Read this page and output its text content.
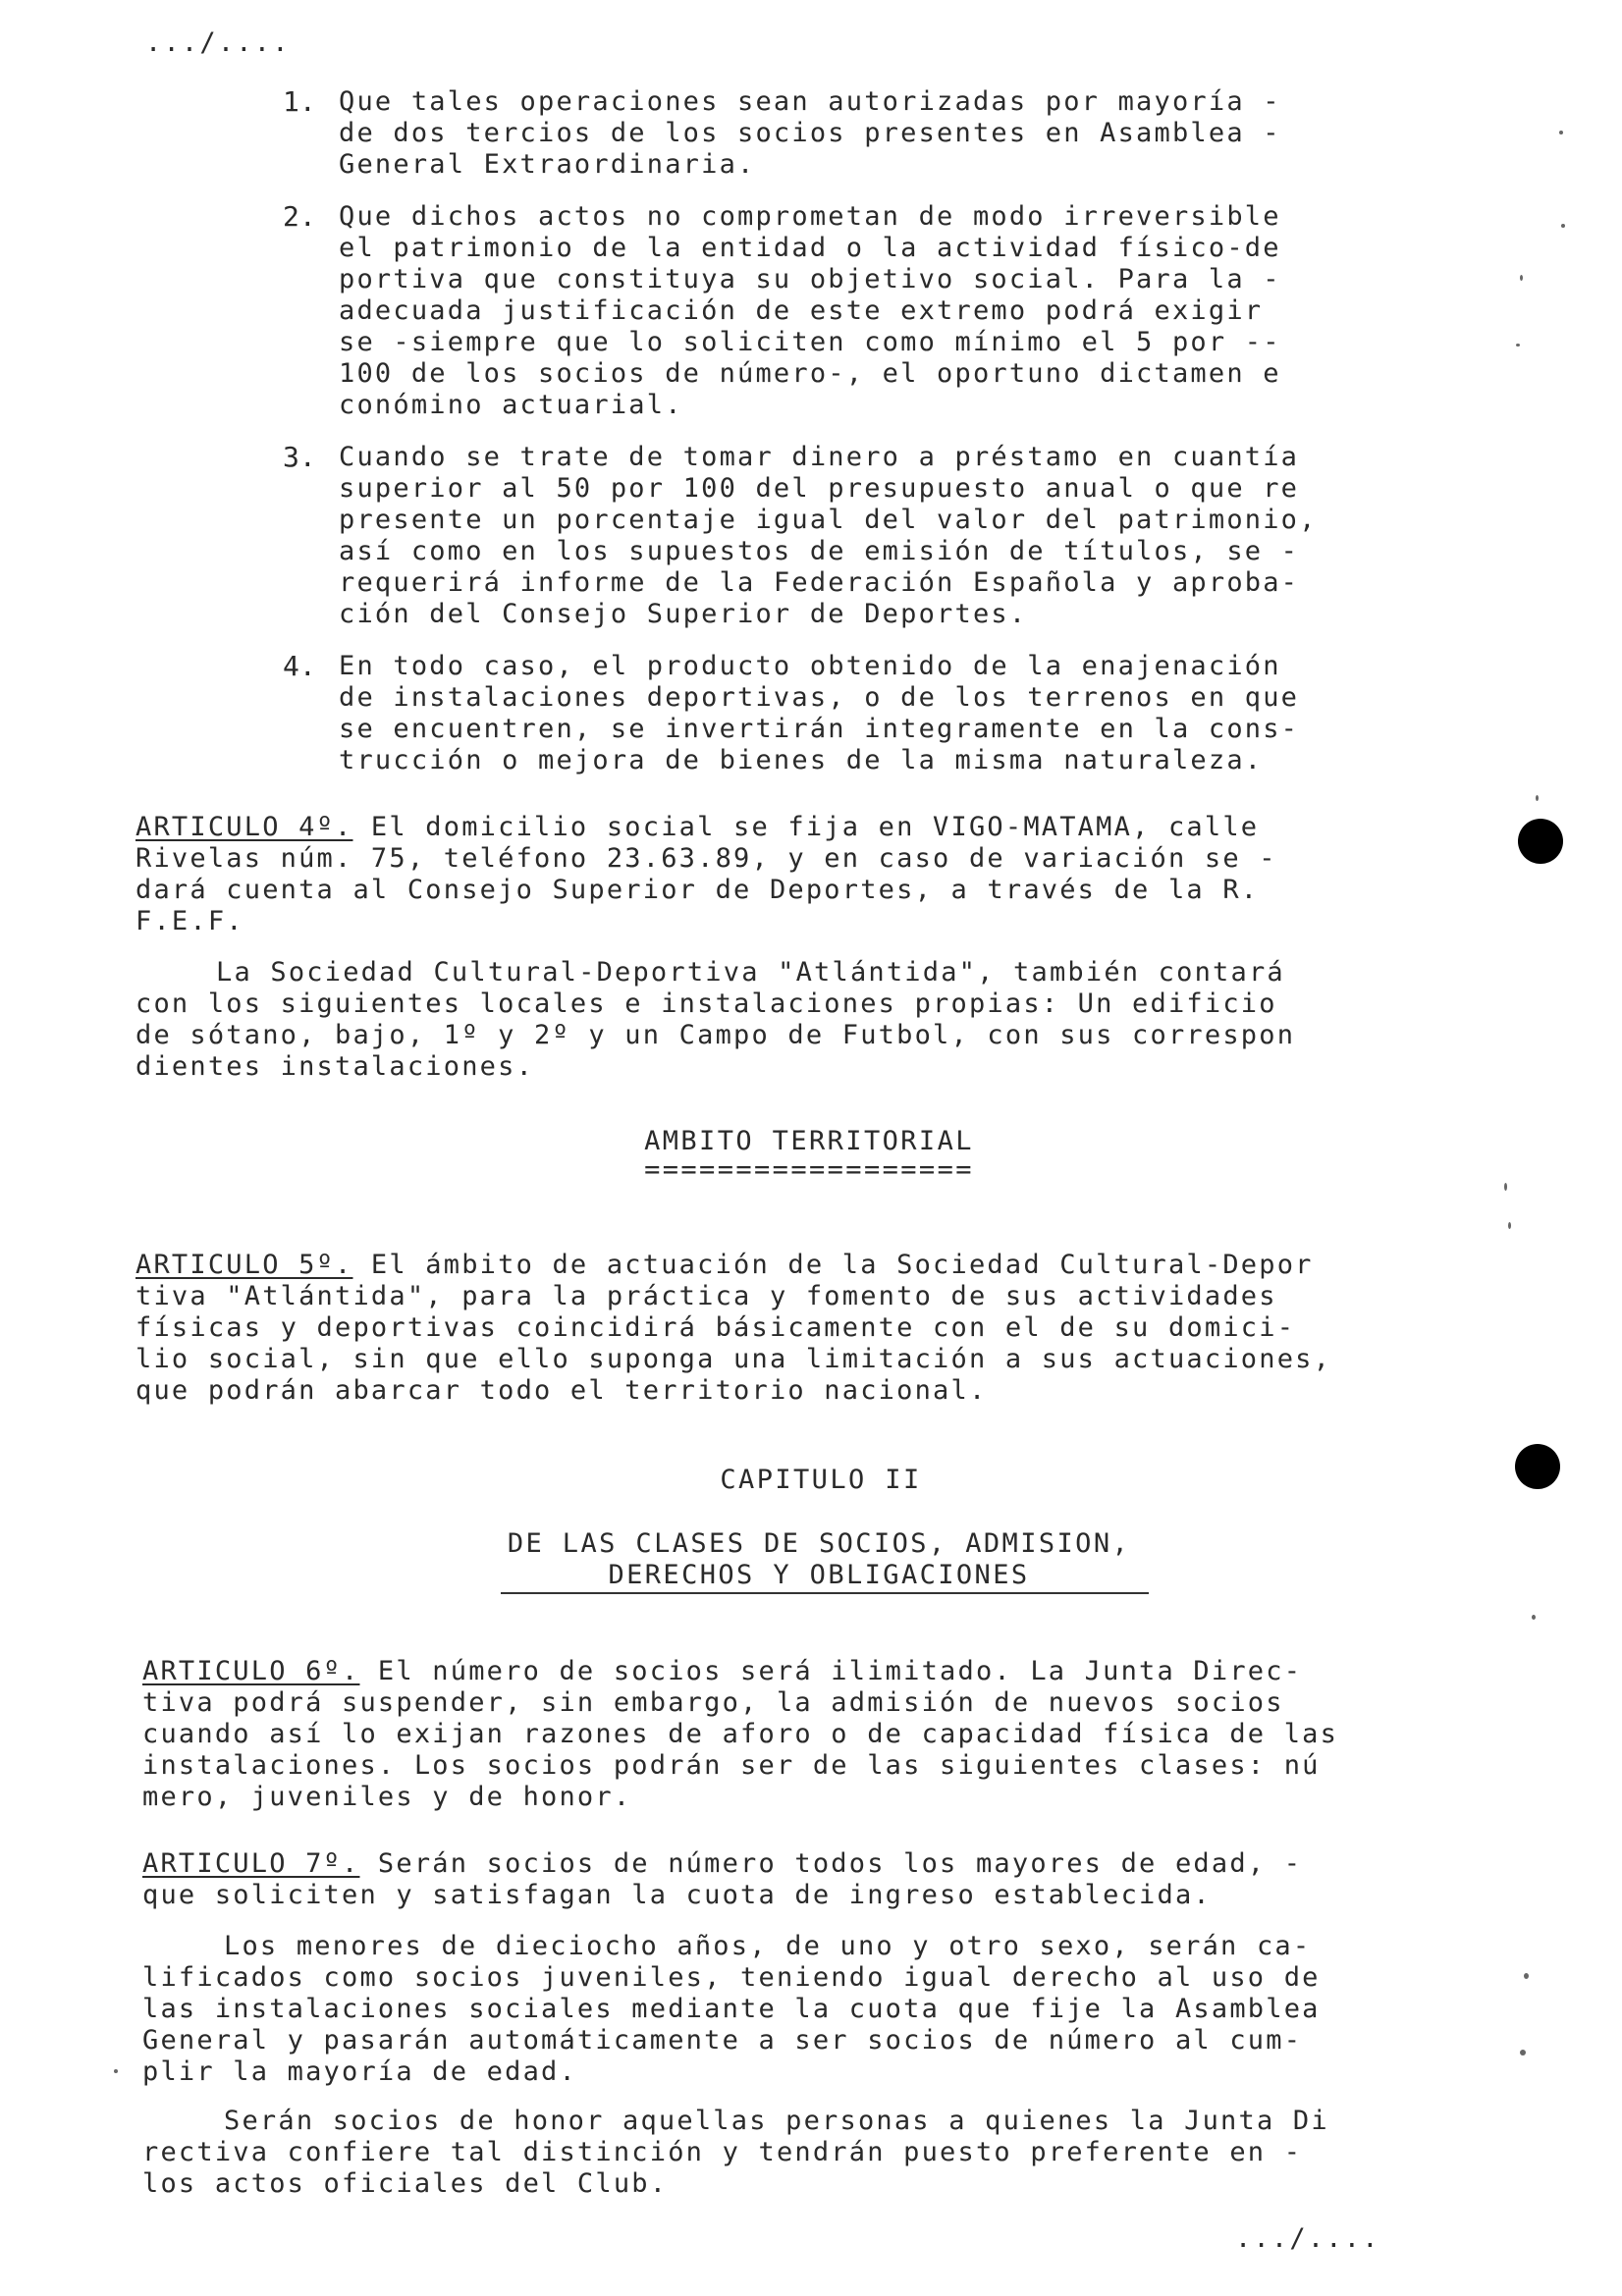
.../....

1. Que tales operaciones sean autorizadas por mayoría -

de dos tercios de los socios presentes en Asamblea -

General Extraordinaria.

2. Que dichos actos no comprometan de modo irreversible

el patrimonio de la entidad o la actividad físico-de

portiva que constituya su objetivo social. Para la -

adecuada justificación de este extremo podrá exigir

se -siempre que lo soliciten como mínimo el 5 por --

100 de los socios de número-, el oportuno dictamen e

conómino actuarial.

3. Cuando se trate de tomar dinero a préstamo en cuantía

superior al 50 por 100 del presupuesto anual o que re

presente un porcentaje igual del valor del patrimonio,

así como en los supuestos de emisión de títulos, se -

requerirá informe de la Federación Española y aproba-

ción del Consejo Superior de Deportes.

4. En todo caso, el producto obtenido de la enajenación

de instalaciones deportivas, o de los terrenos en que

se encuentren, se invertirán integramente en la cons-

trucción o mejora de bienes de la misma naturaleza.

ARTICULO 4º. El domicilio social se fija en VIGO-MATAMA, calle

Rivelas núm. 75, teléfono 23.63.89, y en caso de variación se -

dará cuenta al Consejo Superior de Deportes, a través de la R.

F.E.F.

La Sociedad Cultural-Deportiva "Atlántida", también contará

con los siguientes locales e instalaciones propias: Un edificio

de sótano, bajo, 1º y 2º y un Campo de Futbol, con sus correspon

dientes instalaciones.

AMBITO TERRITORIAL

==================

ARTICULO 5º. El ámbito de actuación de la Sociedad Cultural-Depor

tiva "Atlántida", para la práctica y fomento de sus actividades

físicas y deportivas coincidirá básicamente con el de su domici-

lio social, sin que ello suponga una limitación a sus actuaciones,

que podrán abarcar todo el territorio nacional.

CAPITULO II

DE LAS CLASES DE SOCIOS, ADMISION,

DERECHOS Y OBLIGACIONES

ARTICULO 6º. El número de socios será ilimitado. La Junta Direc-

tiva podrá suspender, sin embargo, la admisión de nuevos socios

cuando así lo exijan razones de aforo o de capacidad física de las

instalaciones. Los socios podrán ser de las siguientes clases: nú

mero, juveniles y de honor.

ARTICULO 7º. Serán socios de número todos los mayores de edad, -

que soliciten y satisfagan la cuota de ingreso establecida.

Los menores de dieciocho años, de uno y otro sexo, serán ca-

lificados como socios juveniles, teniendo igual derecho al uso de

las instalaciones sociales mediante la cuota que fije la Asamblea

General y pasarán automáticamente a ser socios de número al cum-

plir la mayoría de edad.

Serán socios de honor aquellas personas a quienes la Junta Di

rectiva confiere tal distinción y tendrán puesto preferente en -

los actos oficiales del Club.

.../....
